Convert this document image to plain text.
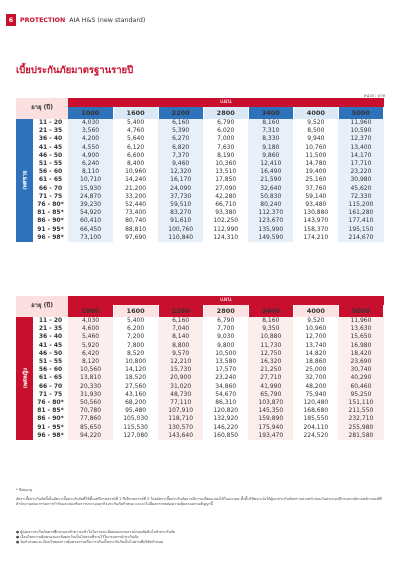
6	PROTECTION AIA H&S (new standard)
เบี้ยประกันภัยมาตรฐานรายปี
หน่วย : บาท
อายุ (ปี)		แผน						
		1000	1600	2200	2800	3400	4000	5000
เพศชาย	11 - 20	4,030	5,400	6,160	6,790	8,160	9,520	11,960
	21 - 35	3,560	4,760	5,390	6,020	7,310	8,500	10,590
	36 - 40	4,200	5,640	6,270	7,000	8,330	9,940	12,370
	41 - 45	4,550	6,120	6,820	7,630	9,180	10,760	13,400
	46 - 50	4,900	6,600	7,370	8,190	9,860	11,500	14,170
	51 - 55	6,240	8,400	9,460	10,360	12,410	14,780	17,710
	56 - 60	8,110	10,960	12,320	13,510	16,490	19,400	23,220
	61 - 65	10,710	14,240	16,170	17,850	21,590	25,160	30,980
	66 - 70	15,930	21,200	24,090	27,090	32,640	37,760	45,620
	71 - 75	24,870	33,200	37,730	42,280	50,830	59,140	72,330
	76 - 80*	39,230	52,440	59,510	66,710	80,240	93,480	115,200
	81 - 85*	54,920	73,400	83,270	93,380	112,370	130,880	161,280
	86 - 90*	60,410	80,740	91,610	102,250	123,670	143,970	177,410
	91 - 95*	66,450	88,810	100,760	112,990	135,990	158,370	195,150
	96 - 98*	73,100	97,690	110,840	124,310	149,590	174,210	214,670
อายุ (ปี)		แผน						
		1000	1600	2200	2800	3400	4000	5000
เพศหญิง	11 - 20	4,030	5,400	6,160	6,790	8,160	9,520	11,960
	21 - 35	4,600	6,200	7,040	7,700	9,350	10,960	13,630
	36 - 40	5,460	7,200	8,140	9,030	10,880	12,700	15,650
	41 - 45	5,920	7,800	8,800	9,800	11,730	13,740	16,980
	46 - 50	6,420	8,520	9,570	10,500	12,750	14,820	18,420
	51 - 55	8,120	10,800	12,210	13,580	16,320	18,860	23,690
	56 - 60	10,560	14,120	15,730	17,570	21,250	25,000	30,740
	61 - 65	13,810	18,520	20,900	23,240	27,710	32,700	40,290
	66 - 70	20,330	27,560	31,020	34,860	41,990	48,200	60,460
	71 - 75	31,930	43,160	48,730	54,670	65,790	75,940	95,250
	76 - 80*	50,560	68,200	77,110	86,310	103,870	120,480	151,110
	81 - 85*	70,780	95,480	107,910	120,820	145,350	168,680	211,550
	86 - 90*	77,860	105,030	118,710	132,920	159,890	185,550	232,710
	91 - 95*	85,650	115,530	130,570	146,220	175,940	204,110	255,980
	96 - 98*	94,220	127,080	143,640	160,850	193,470	224,520	281,580
* ปีต่ออายุ
อัตราเบี้ยประกันภัยนี้เป็นอัตราเบี้ยประกันภัยที่ใช้ตั้งแต่ปีกรมธรรม์ที่ 1 ถึงปีกรมธรรม์ที่ 5 โดยอัตราเบี้ยประกันภัยอาจมีการเปลี่ยนแปลงได้ในอนาคต ทั้งนี้บริษัทจะแจ้งให้ผู้เอาประกันภัยทราบล่วงหน้าก่อนวันครบรอบปีกรมธรรม์ตามหลักเกณฑ์ที่สำนักงานคณะกรรมการกำกับและส่งเสริมการประกอบธุรกิจประกันภัยกำหนด และจะไม่มีผลกระทบต่อความคุ้มครองตามสัญญานี้
● ผู้ขอเอาประกันภัยควรศึกษาและทำความเข้าใจในรายละเอียดของกรมธรรม์ก่อนตัดสินใจทำประกันภัย
● เงื่อนไขความคุ้มครองและข้อยกเว้นเป็นไปตามที่ระบุไว้ในกรมธรรม์ประกันภัย
● ข้อกำหนดและเงื่อนไขของการคุ้มครองรวมถึงการปรับเบี้ยประกันภัยเป็นไปตามที่บริษัทกำหนด
